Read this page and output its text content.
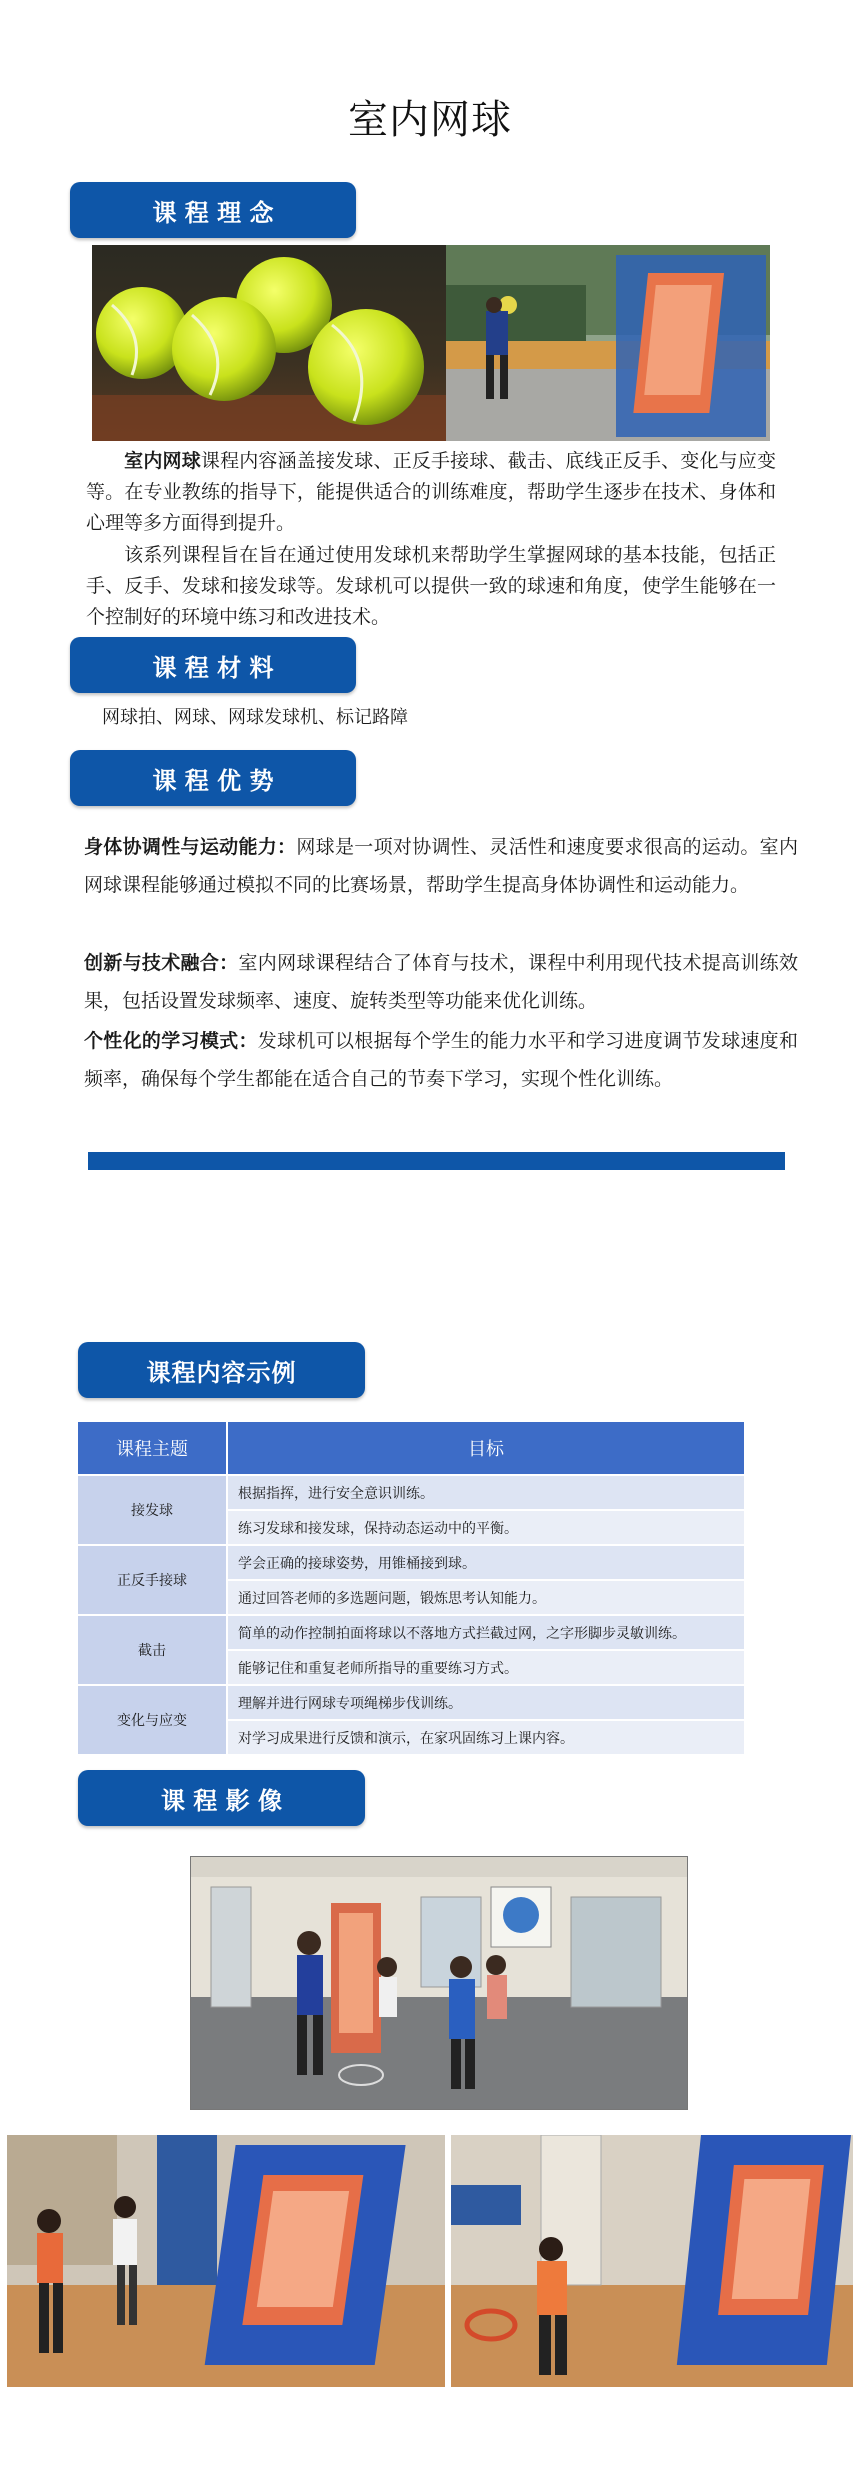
室内网球
课 程 理 念
室内网球课程内容涵盖接发球、正反手接球、截击、底线正反手、变化与应变等。在专业教练的指导下，能提供适合的训练难度，帮助学生逐步在技术、身体和心理等多方面得到提升。
该系列课程旨在旨在通过使用发球机来帮助学生掌握网球的基本技能，包括正手、反手、发球和接发球等。发球机可以提供一致的球速和角度，使学生能够在一个控制好的环境中练习和改进技术。
课 程 材 料
网球拍、网球、网球发球机、标记路障
课 程 优 势
身体协调性与运动能力：网球是一项对协调性、灵活性和速度要求很高的运动。室内网球课程能够通过模拟不同的比赛场景，帮助学生提高身体协调性和运动能力。
创新与技术融合：室内网球课程结合了体育与技术，课程中利用现代技术提高训练效果，包括设置发球频率、速度、旋转类型等功能来优化训练。
个性化的学习模式：发球机可以根据每个学生的能力水平和学习进度调节发球速度和频率，确保每个学生都能在适合自己的节奏下学习，实现个性化训练。
课程内容示例
课程主题	目标
接发球	根据指挥，进行安全意识训练。
	练习发球和接发球，保持动态运动中的平衡。
正反手接球	学会正确的接球姿势，用锥桶接到球。
	通过回答老师的多选题问题，锻炼思考认知能力。
截击	简单的动作控制拍面将球以不落地方式拦截过网，之字形脚步灵敏训练。
	能够记住和重复老师所指导的重要练习方式。
变化与应变	理解并进行网球专项绳梯步伐训练。
	对学习成果进行反馈和演示，在家巩固练习上课内容。
课 程 影 像
